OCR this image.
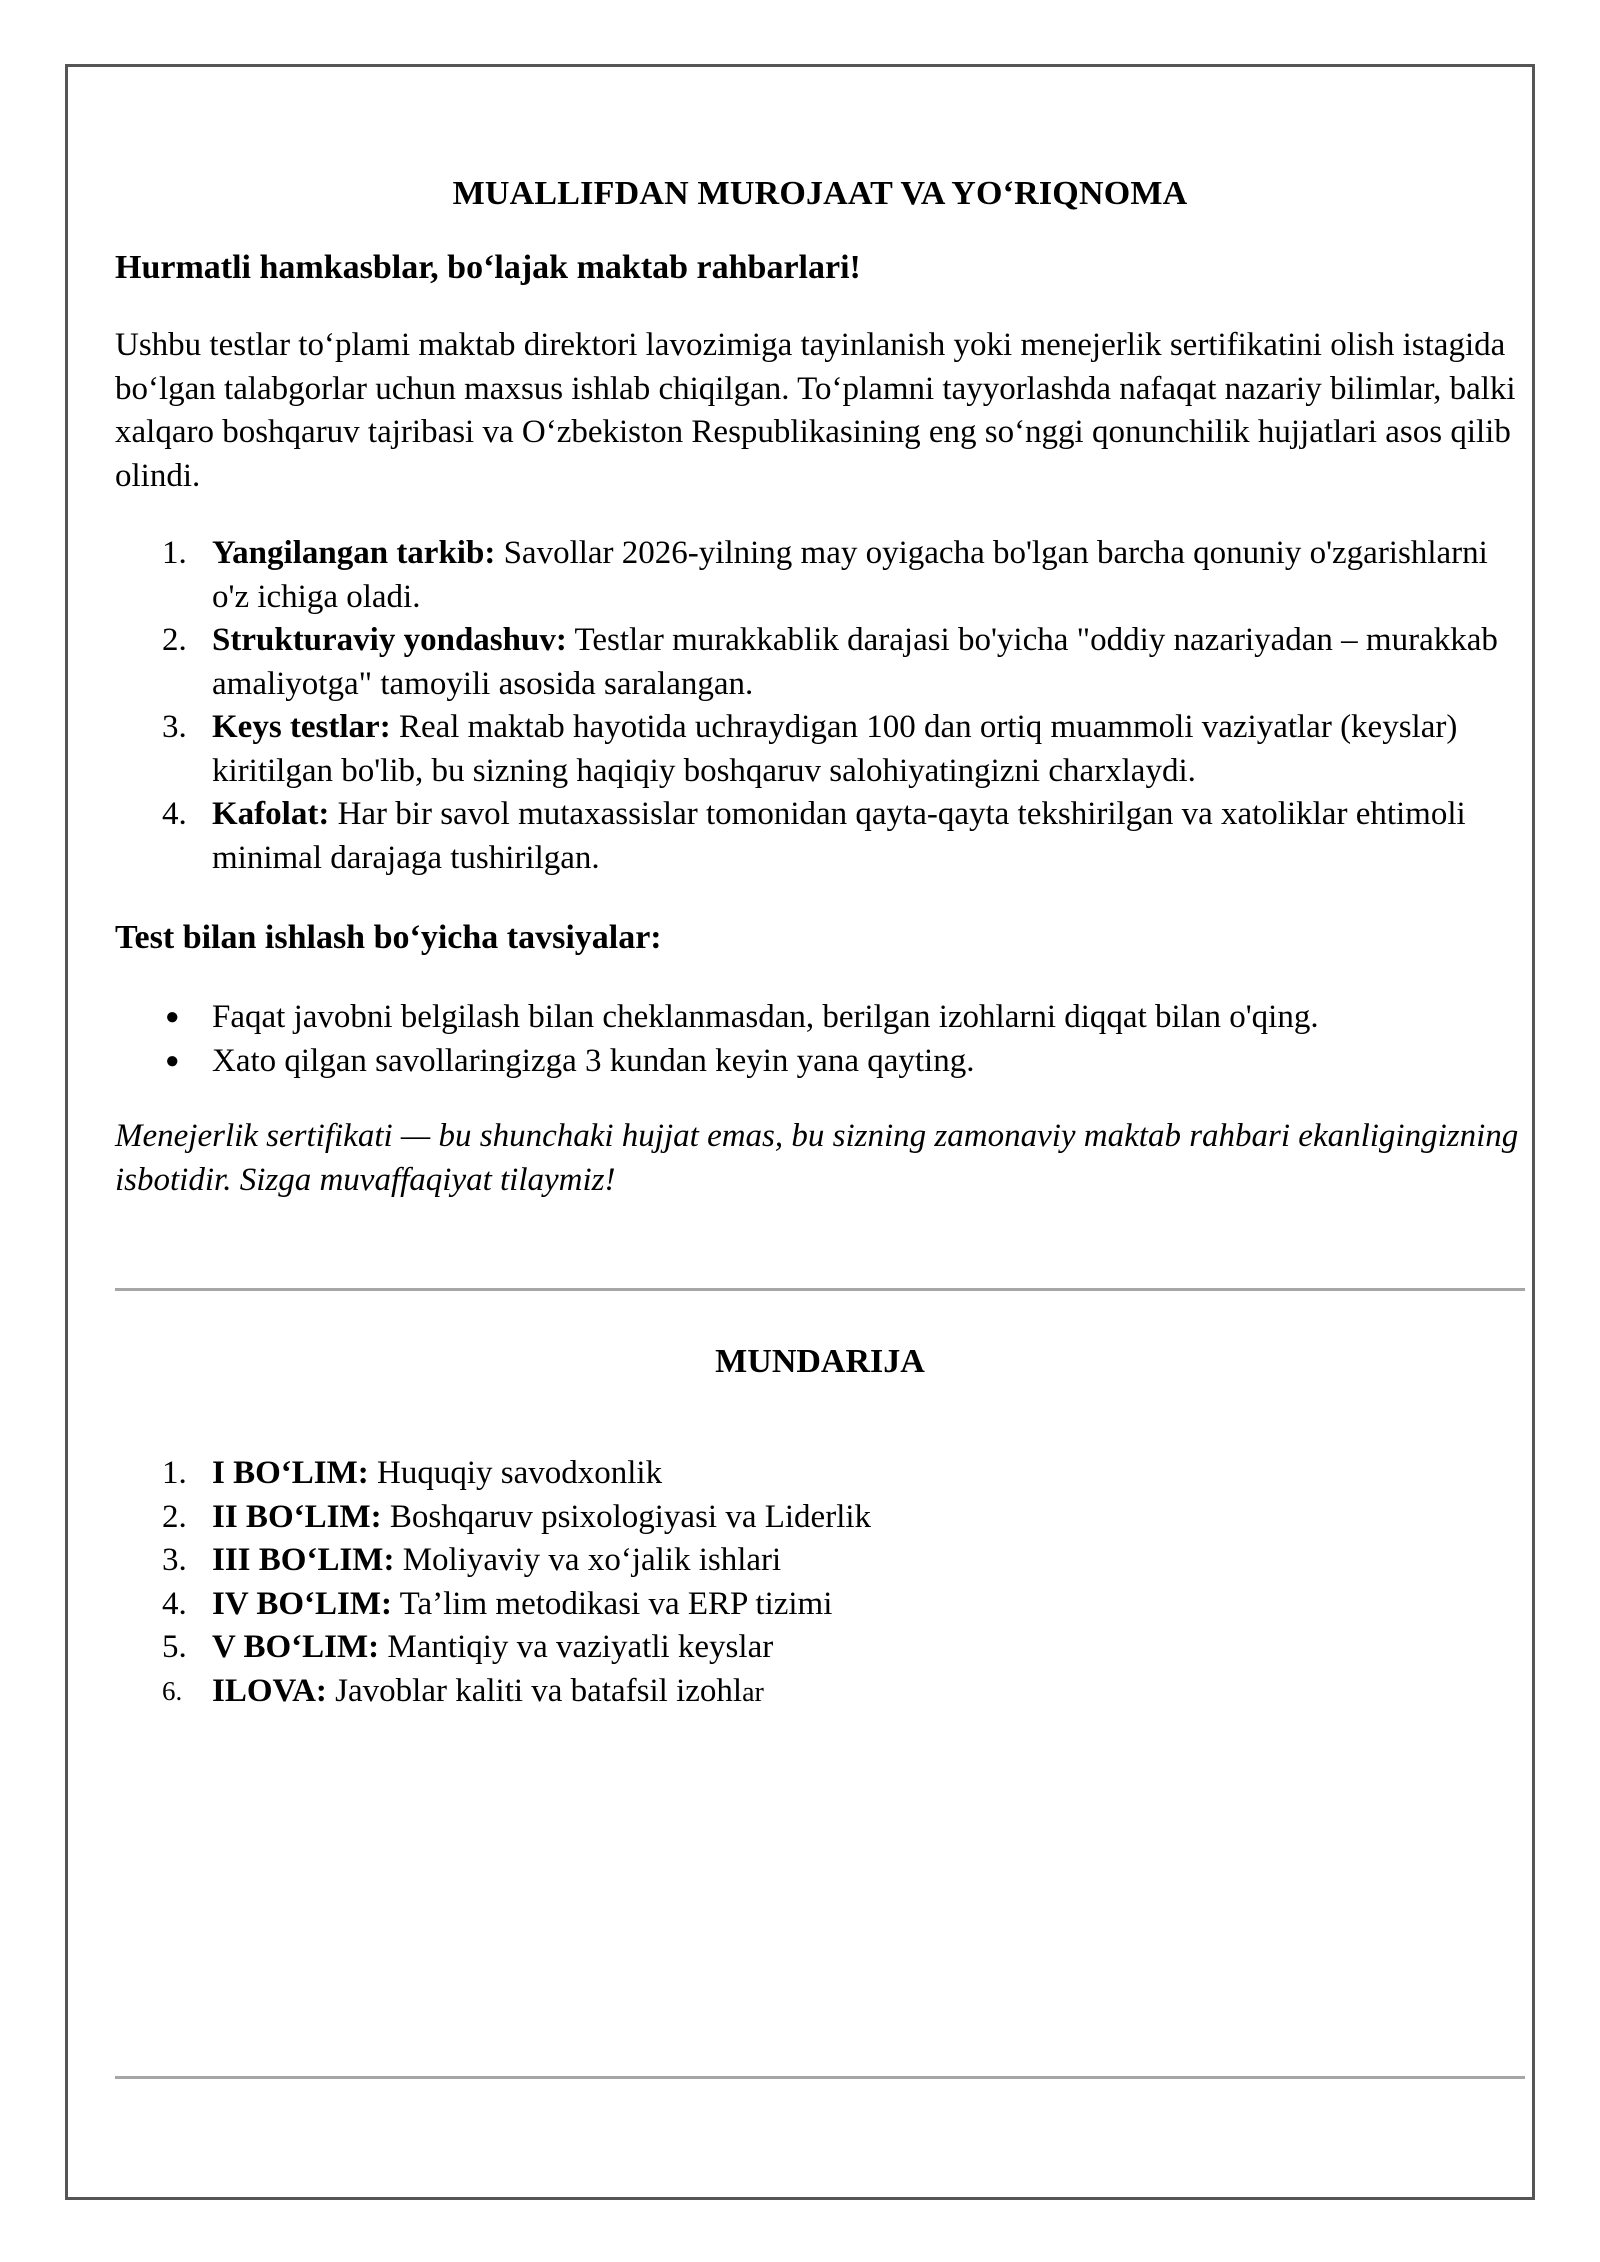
MUALLIFDAN MUROJAAT VA YO‘RIQNOMA

Hurmatli hamkasblar, bo‘lajak maktab rahbarlari!

Ushbu testlar to‘plami maktab direktori lavozimiga tayinlanish yoki menejerlik sertifikatini olish istagida bo‘lgan talabgorlar uchun maxsus ishlab chiqilgan. To‘plamni tayyorlashda nafaqat nazariy bilimlar, balki xalqaro boshqaruv tajribasi va O‘zbekiston Respublikasining eng so‘nggi qonunchilik hujjatlari asos qilib olindi.

1. Yangilangan tarkib: Savollar 2026-yilning may oyigacha bo'lgan barcha qonuniy o'zgarishlarni o'z ichiga oladi.
2. Strukturaviy yondashuv: Testlar murakkablik darajasi bo'yicha "oddiy nazariyadan – murakkab amaliyotga" tamoyili asosida saralangan.
3. Keys testlar: Real maktab hayotida uchraydigan 100 dan ortiq muammoli vaziyatlar (keyslar) kiritilgan bo'lib, bu sizning haqiqiy boshqaruv salohiyatingizni charxlaydi.
4. Kafolat: Har bir savol mutaxassislar tomonidan qayta-qayta tekshirilgan va xatoliklar ehtimoli minimal darajaga tushirilgan.

Test bilan ishlash bo‘yicha tavsiyalar:

● Faqat javobni belgilash bilan cheklanmasdan, berilgan izohlarni diqqat bilan o'qing.
● Xato qilgan savollaringizga 3 kundan keyin yana qayting.

Menejerlik sertifikati — bu shunchaki hujjat emas, bu sizning zamonaviy maktab rahbari ekanligingizning isbotidir. Sizga muvaffaqiyat tilaymiz!

MUNDARIJA
1. I BO‘LIM: Huquqiy savodxonlik
2. II BO‘LIM: Boshqaruv psixologiyasi va Liderlik
3. III BO‘LIM: Moliyaviy va xo‘jalik ishlari
4. IV BO‘LIM: Ta’lim metodikasi va ERP tizimi
5. V BO‘LIM: Mantiqiy va vaziyatli keyslar
6. ILOVA: Javoblar kaliti va batafsil izohlar
